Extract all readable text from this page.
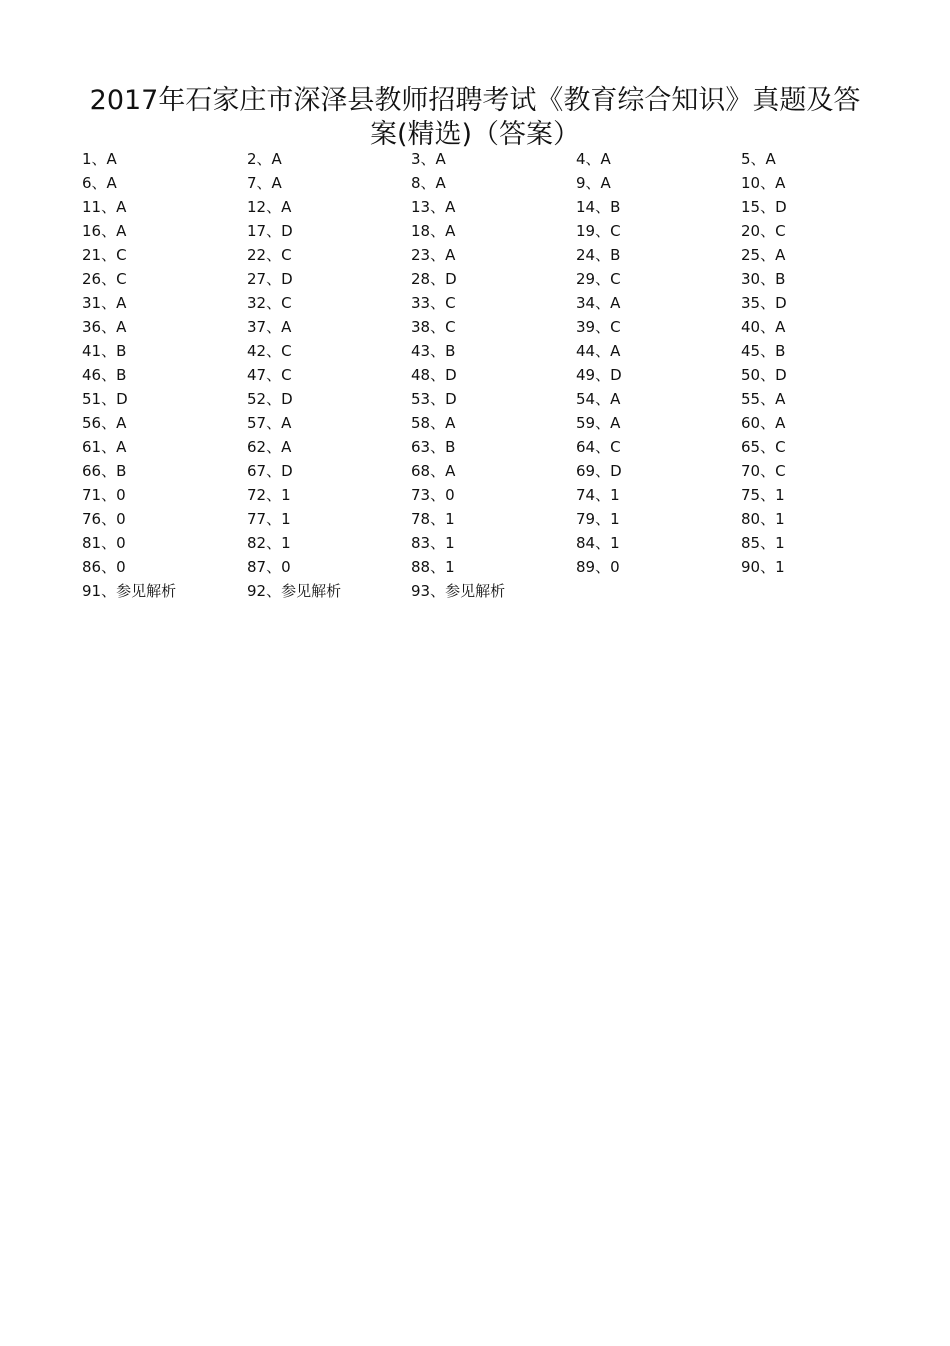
2017年石家庄市深泽县教师招聘考试《教育综合知识》真题及答
案(精选)（答案）
1、A	2、A	3、A	4、A	5、A
6、A	7、A	8、A	9、A	10、A
11、A	12、A	13、A	14、B	15、D
16、A	17、D	18、A	19、C	20、C
21、C	22、C	23、A	24、B	25、A
26、C	27、D	28、D	29、C	30、B
31、A	32、C	33、C	34、A	35、D
36、A	37、A	38、C	39、C	40、A
41、B	42、C	43、B	44、A	45、B
46、B	47、C	48、D	49、D	50、D
51、D	52、D	53、D	54、A	55、A
56、A	57、A	58、A	59、A	60、A
61、A	62、A	63、B	64、C	65、C
66、B	67、D	68、A	69、D	70、C
71、0	72、1	73、0	74、1	75、1
76、0	77、1	78、1	79、1	80、1
81、0	82、1	83、1	84、1	85、1
86、0	87、0	88、1	89、0	90、1
91、参见解析	92、参见解析	93、参见解析
